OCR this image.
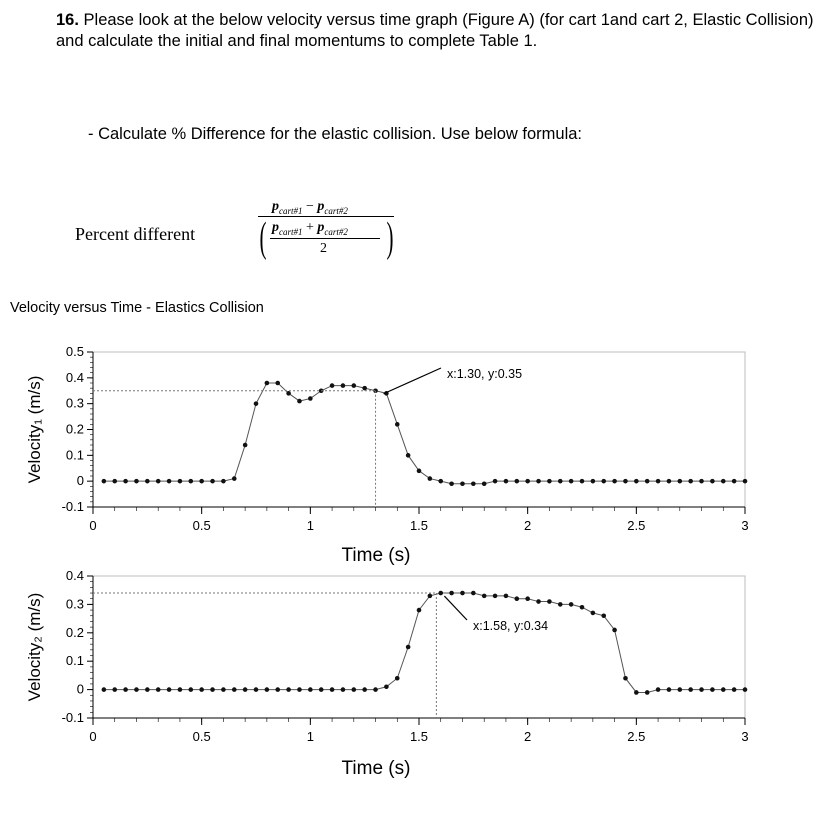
16. Please look at the below velocity versus time graph (Figure A) (for cart 1and cart 2, Elastic Collision) and calculate the initial and final momentums to complete Table 1.
- Calculate % Difference for the elastic collision. Use below formula:
Percent different
$p_{cart\#1} - p_{cart\#2}$
(	)
$p_{cart\#1} + p_{cart\#2}$
2
Velocity versus Time - Elastics Collision
0.5
0.4
0.3
0.2
0.1
0
-0.1
0	0.5	1	1.5	2	2.5	3
Time (s)
Velocity₁ (m/s)
x:1.30, y:0.35
0.4
0.3
0.2
0.1
0
-0.1
0	0.5	1	1.5	2	2.5	3
Time (s)
Velocity₂ (m/s)	x:1.58, y:0.34
